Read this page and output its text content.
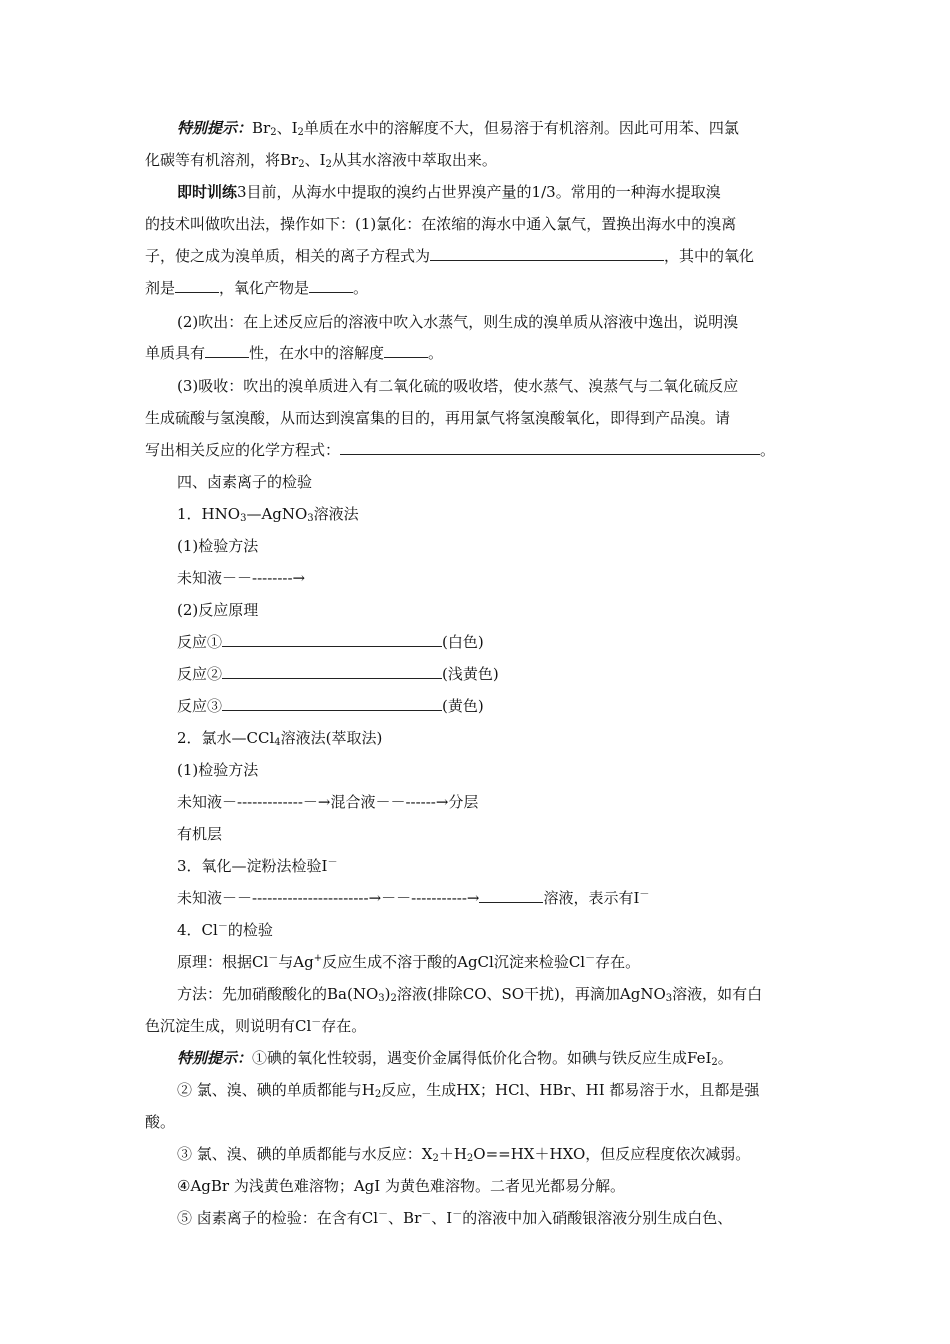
特别提示：$Br_2$、$I_2$单质在水中的溶解度不大，但易溶于有机溶剂。因此可用苯、四氯
化碳等有机溶剂，将$Br_2$、$I_2$从其水溶液中萃取出来。
即时训练3目前，从海水中提取的溴约占世界溴产量的1/3。常用的一种海水提取溴
的技术叫做吹出法，操作如下：(1)氯化：在浓缩的海水中通入氯气，置换出海水中的溴离
子，使之成为溴单质，相关的离子方程式为	，其中的氧化
剂是	，氧化产物是	。
(2)吹出：在上述反应后的溶液中吹入水蒸气，则生成的溴单质从溶液中逸出，说明溴
单质具有	性，在水中的溶解度	。
(3)吸收：吹出的溴单质进入有二氧化硫的吸收塔，使水蒸气、溴蒸气与二氧化硫反应
生成硫酸与氢溴酸，从而达到溴富集的目的，再用氯气将氢溴酸氧化，即得到产品溴。请
写出相关反应的化学方程式：	。
四、卤素离子的检验
1．$HNO_3—AgNO_3$溶液法
(1)检验方法
未知液－－--------→
(2)反应原理
反应①	(白色)
反应②	(浅黄色)
反应③	(黄色)
2．氯水—CCl$_4$溶液法(萃取法)
(1)检验方法
未知液－-------------－→混合液－－------→分层
有机层
3．氧化—淀粉法检验I－
未知液－－-----------------------→－－-----------→	溶液，表示有I－
4．Cl－的检验
原理：根据Cl－与Ag+反应生成不溶于酸的AgCl沉淀来检验Cl－存在。
方法：先加硝酸酸化的$Ba(NO_3)_2$溶液(排除CO、SO干扰)，再滴加AgNO$_3$溶液，如有白
色沉淀生成，则说明有Cl－存在。
特别提示：①碘的氧化性较弱，遇变价金属得低价化合物。如碘与铁反应生成FeI$_2$。
② 氯、溴、碘的单质都能与$H_2$反应，生成HX；HCl、HBr、HI 都易溶于水，且都是强
酸。
③ 氯、溴、碘的单质都能与水反应：$X_2+H_2O==HX+HXO$，但反应程度依次减弱。
④AgBr 为浅黄色难溶物；AgI 为黄色难溶物。二者见光都易分解。
⑤ 卤素离子的检验：在含有Cl－、Br－、I－的溶液中加入硝酸银溶液分别生成白色、
